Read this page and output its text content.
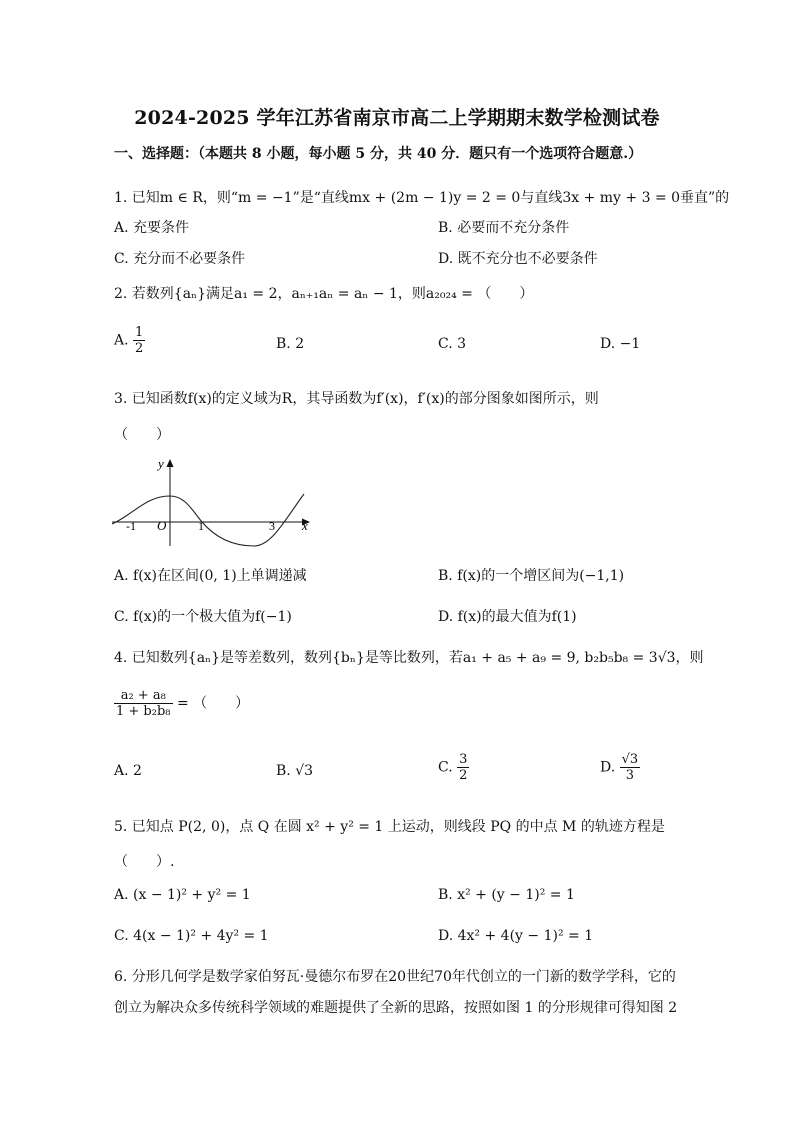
2024-2025 学年江苏省南京市高二上学期期末数学检测试卷
一、选择题：（本题共 8 小题，每小题 5 分，共 40 分．题只有一个选项符合题意.）
1. 已知m ∈ R，则“m = −1”是“直线mx + (2m − 1)y = 2 = 0与直线3x + my + 3 = 0垂直”的
A. 充要条件	B. 必要而不充分条件
C. 充分而不必要条件	D. 既不充分也不必要条件
2. 若数列{aₙ}满足a₁ = 2，aₙ₊₁aₙ = aₙ − 1，则a₂₀₂₄ = （　　）
A. $\frac{1}{2}$	B. 2	C. 3	D. −1
3. 已知函数f(x)的定义域为R，其导函数为f′(x)，f′(x)的部分图象如图所示，则
（　　）
y
x
O
-1	1	3
A. f(x)在区间(0, 1)上单调递减	B. f(x)的一个增区间为(−1,1)
C. f(x)的一个极大值为f(−1)	D. f(x)的最大值为f(1)
4. 已知数列{aₙ}是等差数列，数列{bₙ}是等比数列，若a₁ + a₅ + a₉ = 9, b₂b₅b₈ = 3√3，则
$\frac{\text{a₂ + a₈}}{\text{1 + b₂b₈}}$ = （　　）
A. 2	B. √3	C. $\frac{3}{2}$	D. $\frac{√3}{3}$
5. 已知点 P(2, 0)，点 Q 在圆 x² + y² = 1 上运动，则线段 PQ 的中点 M 的轨迹方程是
（　　）.
A. (x − 1)² + y² = 1	B. x² + (y − 1)² = 1
C. 4(x − 1)² + 4y² = 1	D. 4x² + 4(y − 1)² = 1
6. 分形几何学是数学家伯努瓦·曼德尔布罗在20世纪70年代创立的一门新的数学学科，它的
创立为解决众多传统科学领域的难题提供了全新的思路，按照如图 1 的分形规律可得知图 2
